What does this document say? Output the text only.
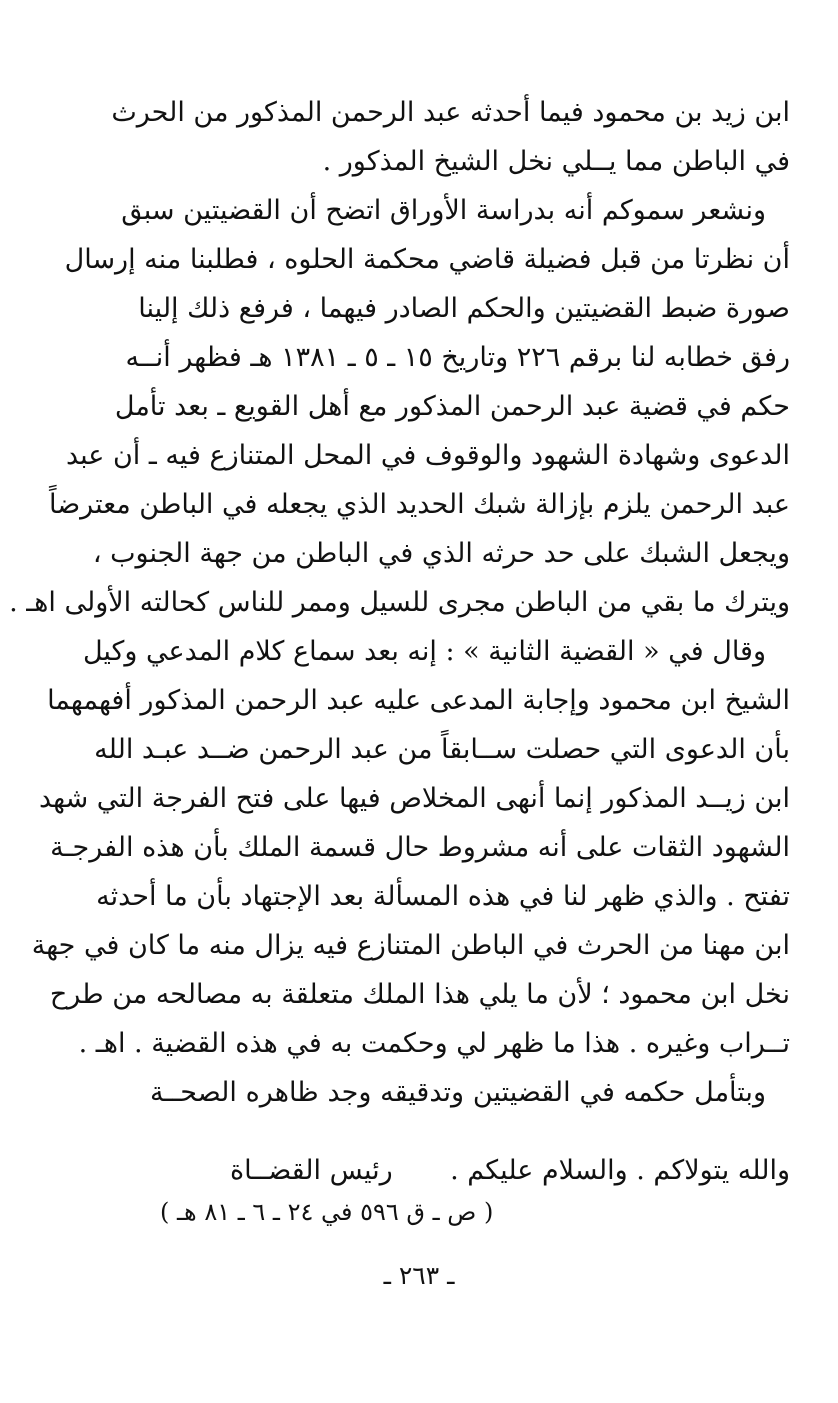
ابن زيد بن محمود فيما أحدثه عبد الرحمن المذكور من الحرث
في الباطن مما يــلي نخل الشيخ المذكور .
ونشعر سموكم أنه بدراسة الأوراق اتضح أن القضيتين سبق
أن نظرتا من قبل فضيلة قاضي محكمة الحلوه ، فطلبنا منه إرسال
صورة ضبط القضيتين والحكم الصادر فيهما ، فرفع ذلك إلينا
رفق خطابه لنا برقم ٢٢٦ وتاريخ ١٥ ـ ٥ ـ ١٣٨١ هـ فظهر أنــه
حكم في قضية عبد الرحمن المذكور مع أهل القويع ـ بعد تأمل
الدعوى وشهادة الشهود والوقوف في المحل المتنازع فيه ـ أن عبد
عبد الرحمن يلزم بإزالة شبك الحديد الذي يجعله في الباطن معترضاً
ويجعل الشبك على حد حرثه الذي في الباطن من جهة الجنوب ،
ويترك ما بقي من الباطن مجرى للسيل وممر للناس كحالته الأولى اهـ .
وقال في « القضية الثانية » : إنه بعد سماع كلام المدعي وكيل
الشيخ ابن محمود وإجابة المدعى عليه عبد الرحمن المذكور أفهمهما
بأن الدعوى التي حصلت ســابقاً من عبد الرحمن ضــد عبـد الله
ابن زيــد المذكور إنما أنهى المخلاص فيها على فتح الفرجة التي شهد
الشهود الثقات على أنه مشروط حال قسمة الملك بأن هذه الفرجـة
تفتح . والذي ظهر لنا في هذه المسألة بعد الإجتهاد بأن ما أحدثه
ابن مهنا من الحرث في الباطن المتنازع فيه يزال منه ما كان في جهة
نخل ابن محمود ؛ لأن ما يلي هذا الملك متعلقة به مصالحه من طرح
تــراب وغيره . هذا ما ظهر لي وحكمت به في هذه القضية . اهـ .
وبتأمل حكمه في القضيتين وتدقيقه وجد ظاهره الصحــة
والله يتولاكم . والسلام عليكم .
رئيس القضــاة
( ص ـ ق ٥٩٦ في ٢٤ ـ ٦ ـ ٨١ هـ )
ـ ٢٦٣ ـ
